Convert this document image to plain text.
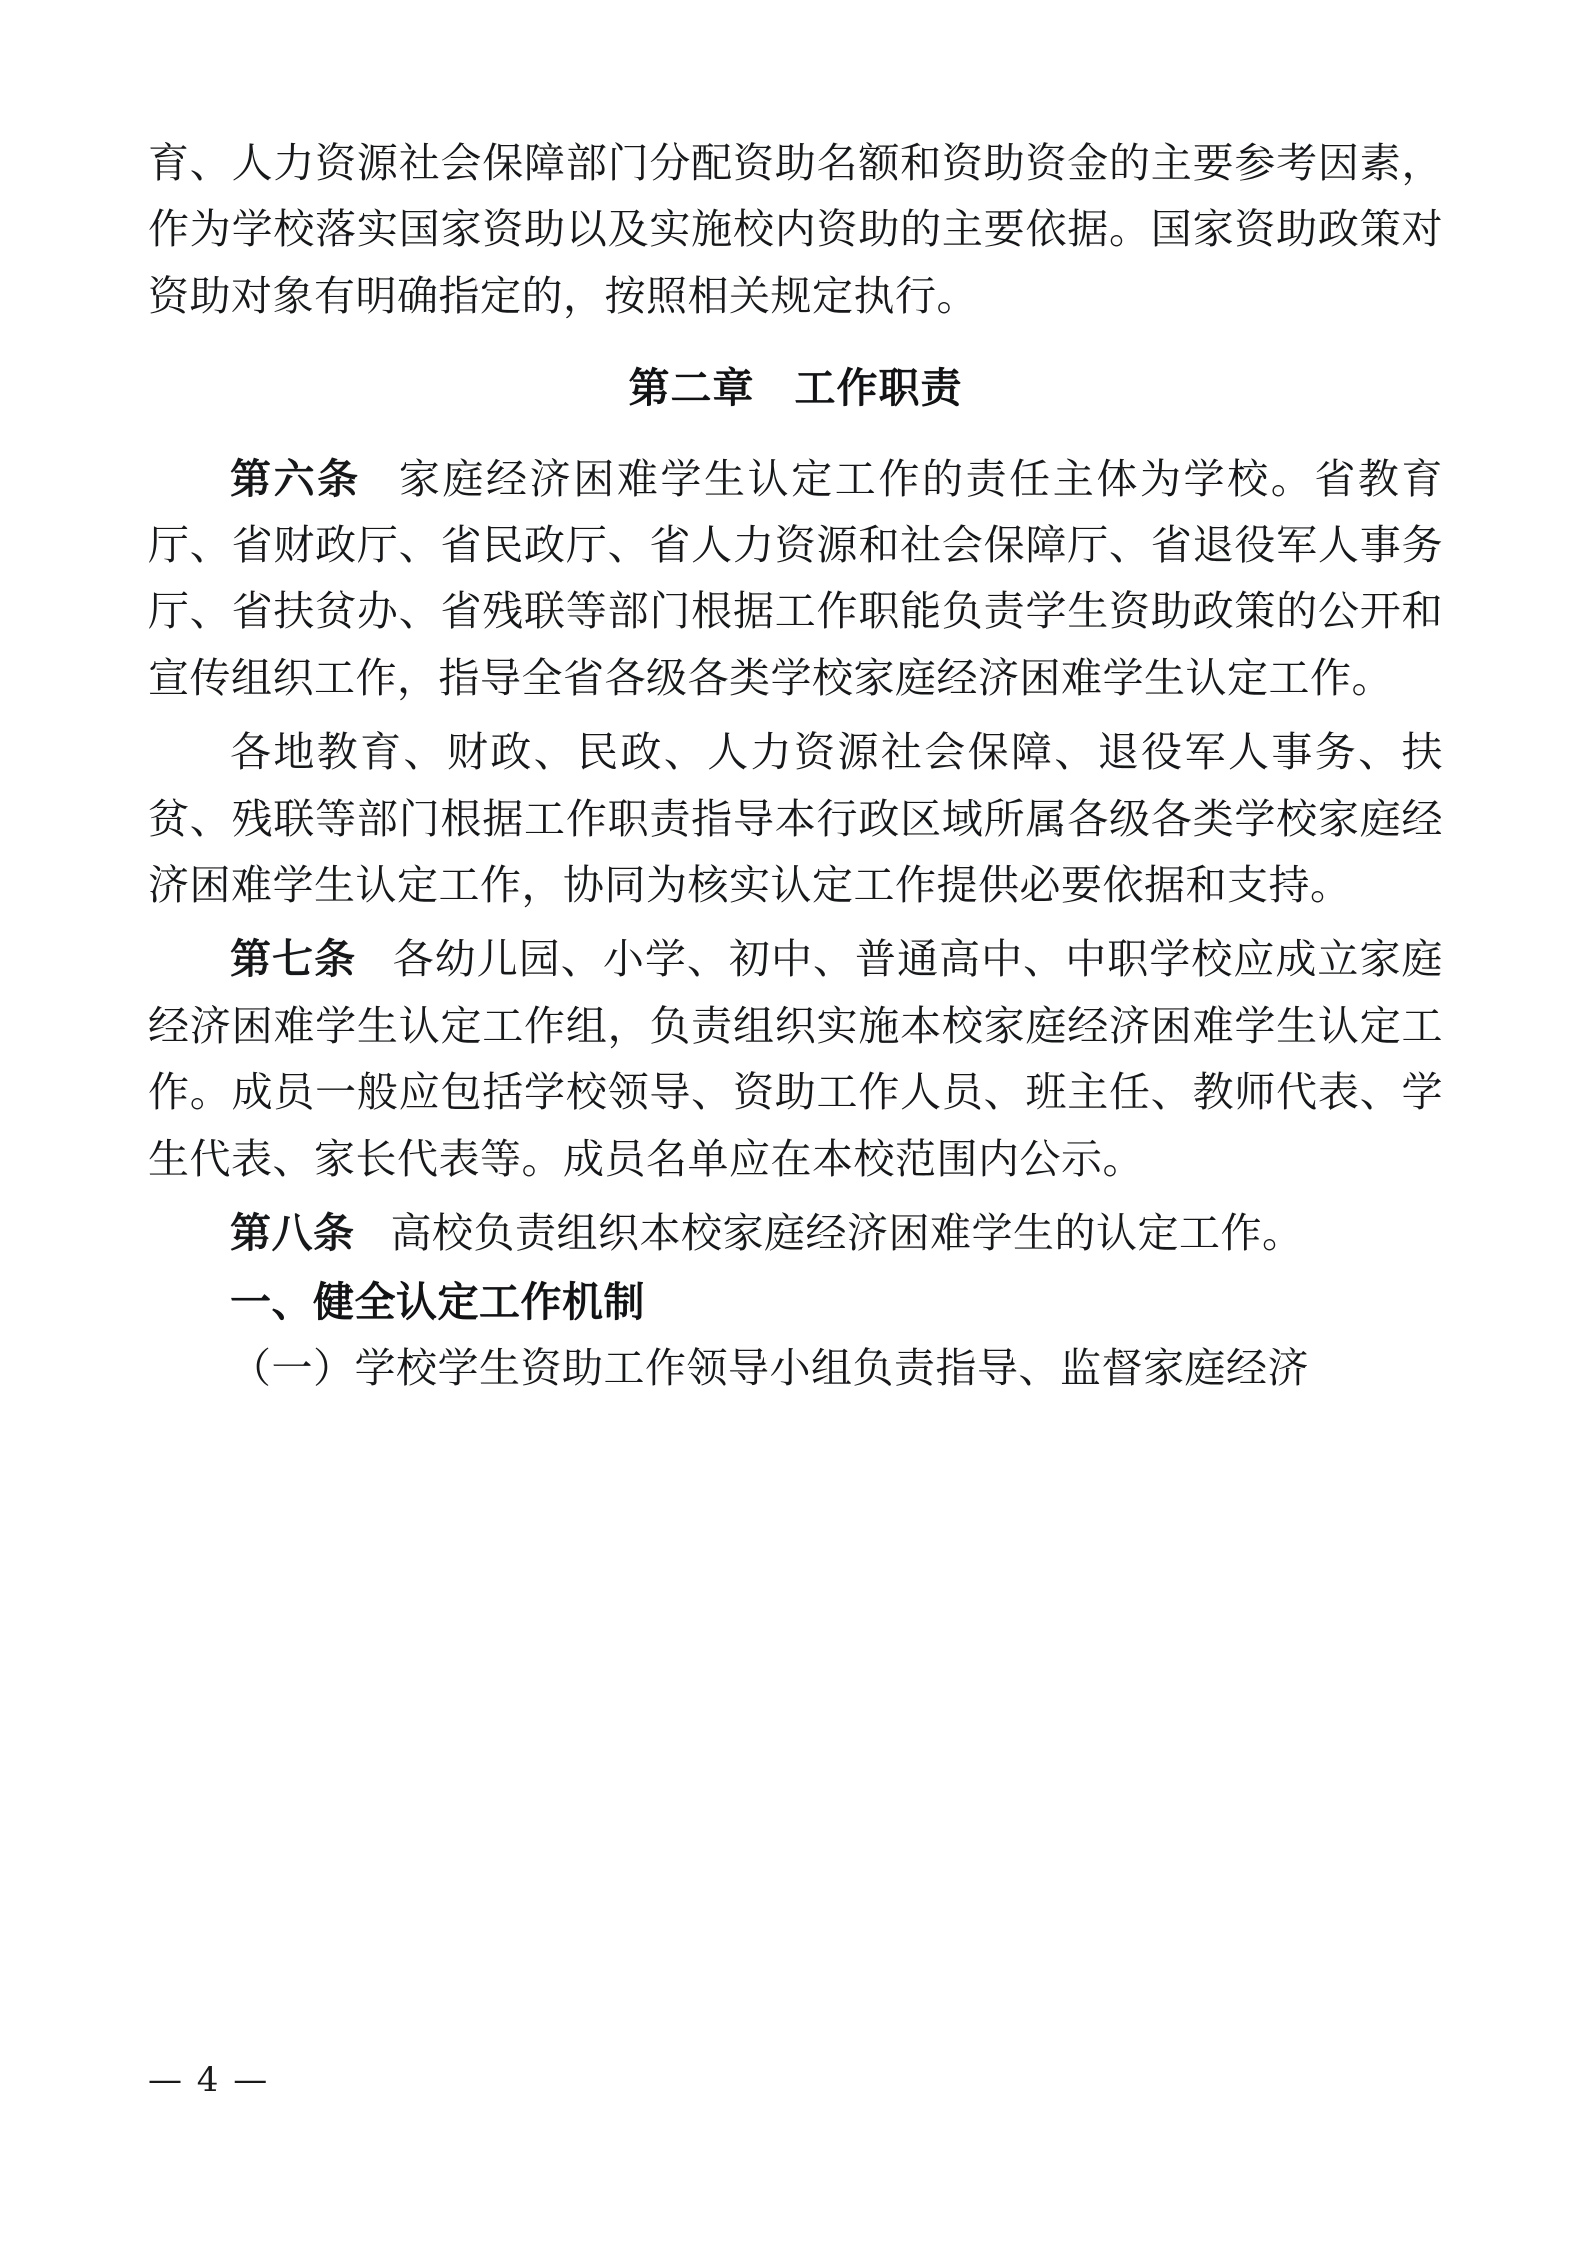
育、人力资源社会保障部门分配资助名额和资助资金的主要参考因素，作为学校落实国家资助以及实施校内资助的主要依据。国家资助政策对资助对象有明确指定的，按照相关规定执行。

第二章 工作职责

第六条 家庭经济困难学生认定工作的责任主体为学校。省教育厅、省财政厅、省民政厅、省人力资源和社会保障厅、省退役军人事务厅、省扶贫办、省残联等部门根据工作职能负责学生资助政策的公开和宣传组织工作，指导全省各级各类学校家庭经济困难学生认定工作。

各地教育、财政、民政、人力资源社会保障、退役军人事务、扶贫、残联等部门根据工作职责指导本行政区域所属各级各类学校家庭经济困难学生认定工作，协同为核实认定工作提供必要依据和支持。

第七条 各幼儿园、小学、初中、普通高中、中职学校应成立家庭经济困难学生认定工作组，负责组织实施本校家庭经济困难学生认定工作。成员一般应包括学校领导、资助工作人员、班主任、教师代表、学生代表、家长代表等。成员名单应在本校范围内公示。

第八条 高校负责组织本校家庭经济困难学生的认定工作。

一、健全认定工作机制

（一）学校学生资助工作领导小组负责指导、监督家庭经济

— 4 —
